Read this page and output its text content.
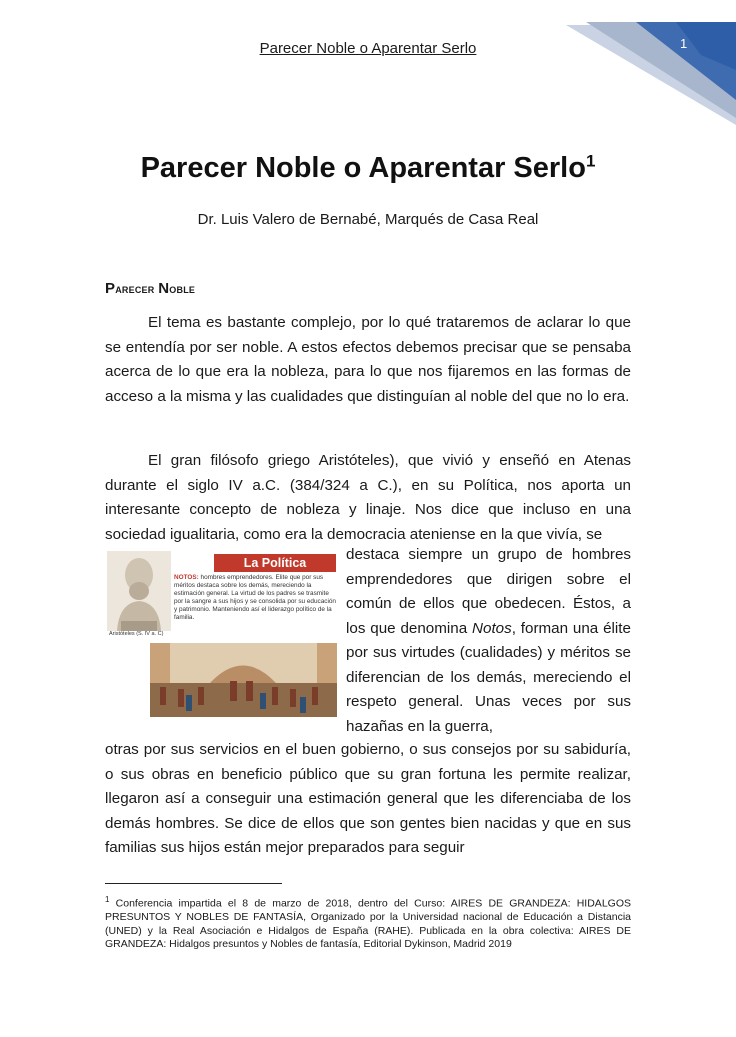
Parecer Noble o Aparentar Serlo	1
Parecer Noble o Aparentar Serlo$^1$
Dr. Luis Valero de Bernabé, Marqués de Casa Real
Parecer Noble

El tema es bastante complejo, por lo qué trataremos de aclarar lo que se entendía por ser noble. A estos efectos debemos precisar que se pensaba acerca de lo que era la nobleza, para lo que nos fijaremos en las formas de acceso a la misma y las cualidades que distinguían al noble del que no lo era.

El gran filósofo griego Aristóteles), que vivió y enseñó en Atenas durante el siglo IV a.C. (384/324 a C.), en su Política, nos aporta un interesante concepto de nobleza y linaje. Nos dice que incluso en una sociedad igualitaria, como era la democracia ateniense en la que vivía, se

Aristóteles (S. IV a. C)
La Política
NOTOS: hombres emprendedores. Elite que por sus méritos destaca sobre los demás, mereciendo la estimación general. La virtud de los padres se trasmite por la sangre a sus hijos y se consolida por su educación y patrimonio. Manteniendo así el liderazgo político de la familia.

destaca siempre un grupo de hombres emprendedores que dirigen sobre el común de ellos que obedecen. Éstos, a los que denomina Notos, forman una élite por sus virtudes (cualidades) y méritos se diferencian de los demás, mereciendo el respeto general. Unas veces por sus hazañas en la guerra,

otras por sus servicios en el buen gobierno, o sus consejos por su sabiduría, o sus obras en beneficio público que su gran fortuna les permite realizar, llegaron así a conseguir una estimación general que les diferenciaba de los demás hombres. Se dice de ellos que son gentes bien nacidas y que en sus familias sus hijos están mejor preparados para seguir

$^1$ Conferencia impartida el 8 de marzo de 2018, dentro del Curso: AIRES DE GRANDEZA: HIDALGOS PRESUNTOS Y NOBLES DE FANTASÍA, Organizado por la Universidad nacional de Educación a Distancia (UNED) y la Real Asociación e Hidalgos de España (RAHE). Publicada en la obra colectiva: AIRES DE GRANDEZA: Hidalgos presuntos y Nobles de fantasía, Editorial Dykinson, Madrid 2019
